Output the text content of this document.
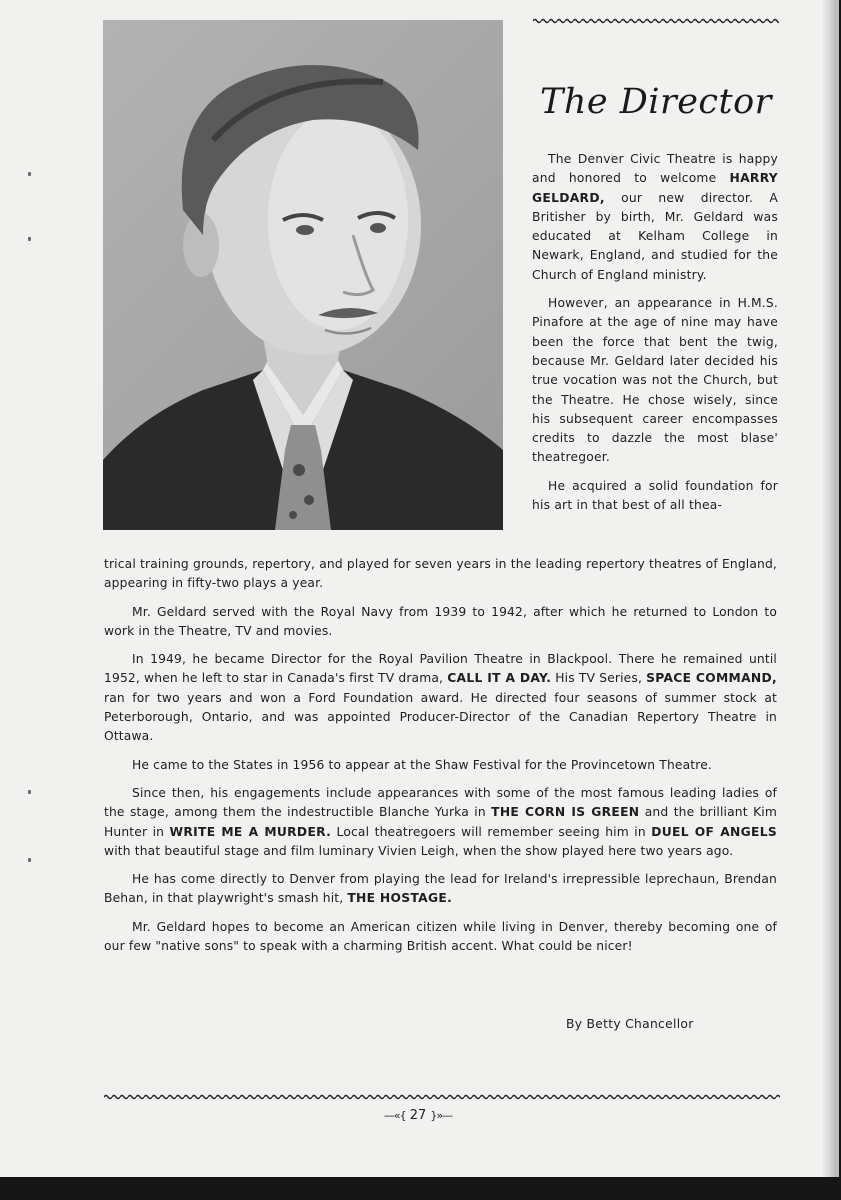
The Director

The Denver Civic Theatre is happy and honored to welcome HARRY GELDARD, our new director. A Britisher by birth, Mr. Geldard was educated at Kelham College in Newark, England, and studied for the Church of England ministry.

However, an appearance in H.M.S. Pinafore at the age of nine may have been the force that bent the twig, because Mr. Geldard later decided his true vocation was not the Church, but the Theatre. He chose wisely, since his subsequent career encompasses credits to dazzle the most blase' theatregoer.

He acquired a solid foundation for his art in that best of all thea-

trical training grounds, repertory, and played for seven years in the leading repertory theatres of England, appearing in fifty-two plays a year.

Mr. Geldard served with the Royal Navy from 1939 to 1942, after which he returned to London to work in the Theatre, TV and movies.

In 1949, he became Director for the Royal Pavilion Theatre in Blackpool. There he remained until 1952, when he left to star in Canada's first TV drama, CALL IT A DAY. His TV Series, SPACE COMMAND, ran for two years and won a Ford Foundation award. He directed four seasons of summer stock at Peterborough, Ontario, and was appointed Producer-Director of the Canadian Repertory Theatre in Ottawa.

He came to the States in 1956 to appear at the Shaw Festival for the Provincetown Theatre.

Since then, his engagements include appearances with some of the most famous leading ladies of the stage, among them the indestructible Blanche Yurka in THE CORN IS GREEN and the brilliant Kim Hunter in WRITE ME A MURDER. Local theatregoers will remember seeing him in DUEL OF ANGELS with that beautiful stage and film luminary Vivien Leigh, when the show played here two years ago.

He has come directly to Denver from playing the lead for Ireland's irrepressible leprechaun, Brendan Behan, in that playwright's smash hit, THE HOSTAGE.

Mr. Geldard hopes to become an American citizen while living in Denver, thereby becoming one of our few "native sons" to speak with a charming British accent. What could be nicer!

By Betty Chancellor
—«{ 27 }»—
